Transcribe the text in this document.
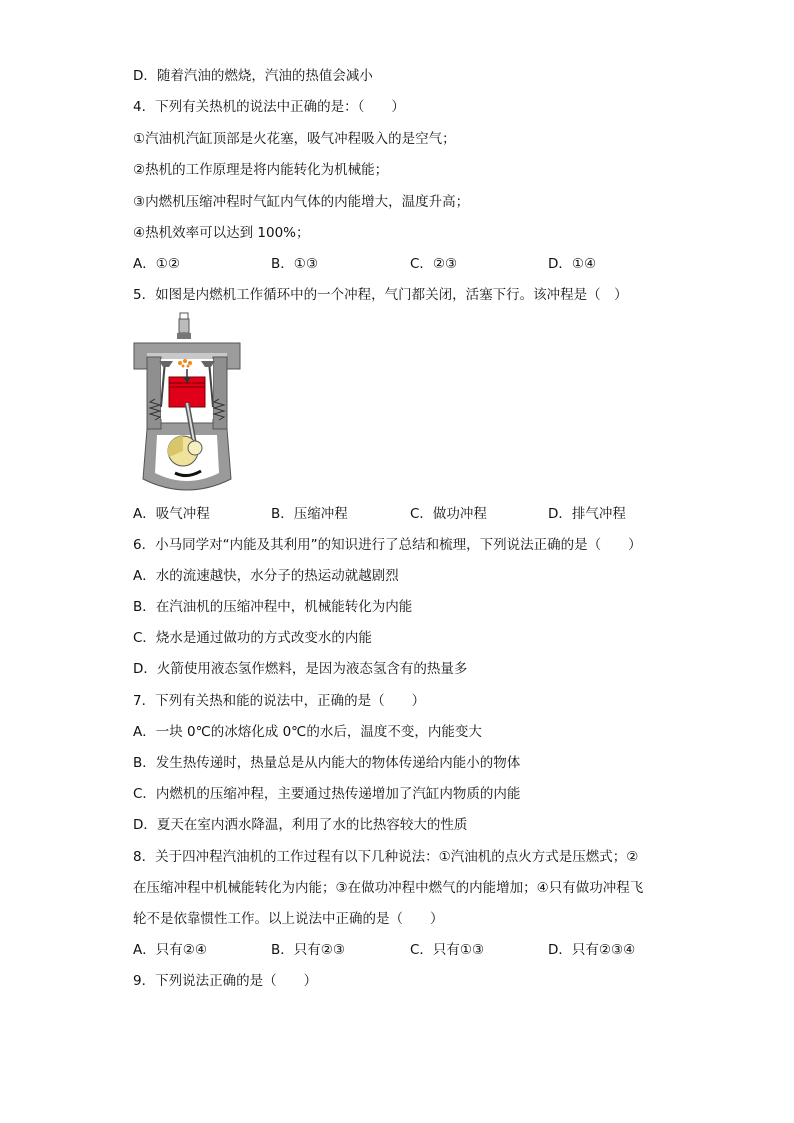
D．随着汽油的燃烧，汽油的热值会减小
4．下列有关热机的说法中正确的是：（　　）
①汽油机汽缸顶部是火花塞，吸气冲程吸入的是空气；
②热机的工作原理是将内能转化为机械能；
③内燃机压缩冲程时气缸内气体的内能增大，温度升高；
④热机效率可以达到 100%；
A．①②	B．①③	C．②③	D．①④
5．如图是内燃机工作循环中的一个冲程，气门都关闭，活塞下行。该冲程是（　）
A．吸气冲程	B．压缩冲程	C．做功冲程	D．排气冲程
6．小马同学对“内能及其利用”的知识进行了总结和梳理，下列说法正确的是（　　）
A．水的流速越快，水分子的热运动就越剧烈
B．在汽油机的压缩冲程中，机械能转化为内能
C．烧水是通过做功的方式改变水的内能
D．火箭使用液态氢作燃料，是因为液态氢含有的热量多
7．下列有关热和能的说法中，正确的是（　　）
A．一块 0℃的冰熔化成 0℃的水后，温度不变，内能变大
B．发生热传递时，热量总是从内能大的物体传递给内能小的物体
C．内燃机的压缩冲程，主要通过热传递增加了汽缸内物质的内能
D．夏天在室内洒水降温，利用了水的比热容较大的性质
8．关于四冲程汽油机的工作过程有以下几种说法：①汽油机的点火方式是压燃式；②
在压缩冲程中机械能转化为内能；③在做功冲程中燃气的内能增加；④只有做功冲程飞
轮不是依靠惯性工作。以上说法中正确的是（　　）
A．只有②④	B．只有②③	C．只有①③	D．只有②③④
9．下列说法正确的是（　　）
